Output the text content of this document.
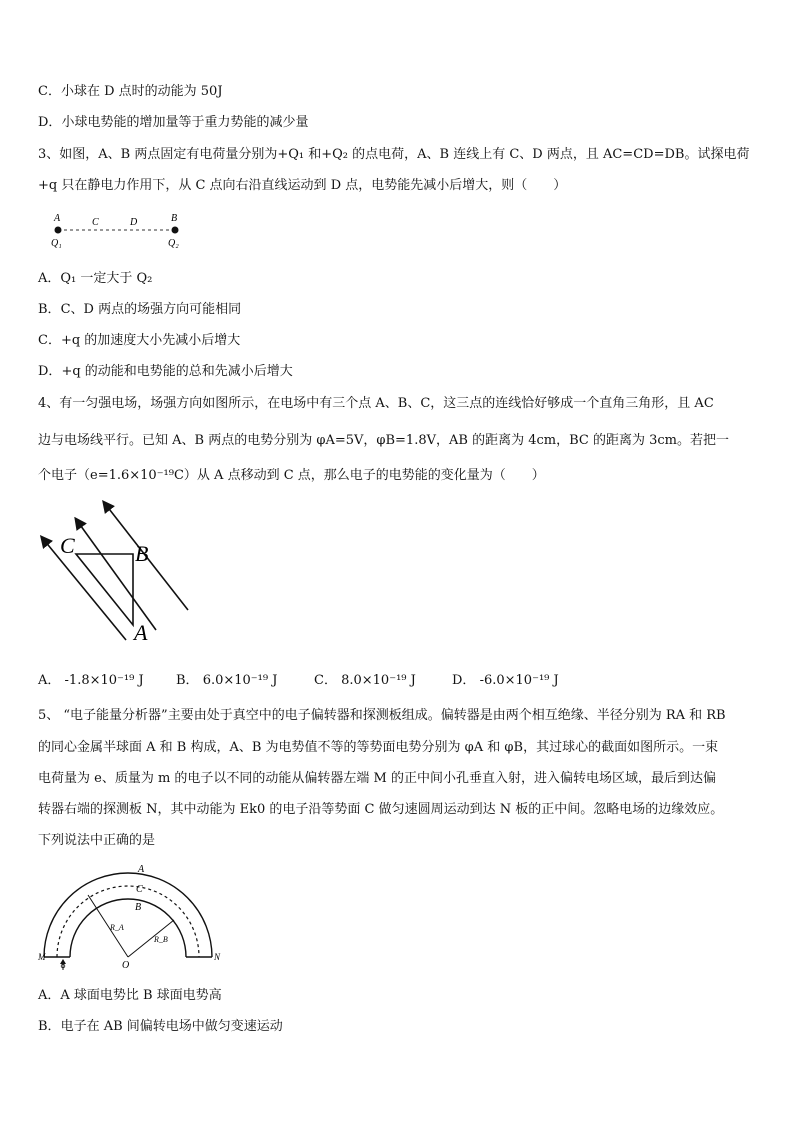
C．小球在 D 点时的动能为 50J
D．小球电势能的增加量等于重力势能的减少量
3、如图，A、B 两点固定有电荷量分别为+Q₁ 和+Q₂ 的点电荷，A、B 连线上有 C、D 两点，且 AC=CD=DB。试探电荷
+q 只在静电力作用下，从 C 点向右沿直线运动到 D 点，电势能先减小后增大，则（　　）
A	C	D	B
Q₁	Q₂
A．Q₁ 一定大于 Q₂
B．C、D 两点的场强方向可能相同
C．+q 的加速度大小先减小后增大
D．+q 的动能和电势能的总和先减小后增大
4、有一匀强电场，场强方向如图所示，在电场中有三个点 A、B、C，这三点的连线恰好够成一个直角三角形，且 AC
边与电场线平行。已知 A、B 两点的电势分别为 φA=5V，φB=1.8V，AB 的距离为 4cm，BC 的距离为 3cm。若把一
个电子（e=1.6×10⁻¹⁹C）从 A 点移动到 C 点，那么电子的电势能的变化量为（　　）
C	B
A
A． -1.8×10⁻¹⁹ J B． 6.0×10⁻¹⁹ J	C． 8.0×10⁻¹⁹ J	D． -6.0×10⁻¹⁹ J
5、 “电子能量分析器”主要由处于真空中的电子偏转器和探测板组成。偏转器是由两个相互绝缘、半径分别为 RA 和 RB
的同心金属半球面 A 和 B 构成，A、B 为电势值不等的等势面电势分别为 φA 和 φB，其过球心的截面如图所示。一束
电荷量为 e、质量为 m 的电子以不同的动能从偏转器左端 M 的正中间小孔垂直入射，进入偏转电场区域，最后到达偏
转器右端的探测板 N，其中动能为 Ek0 的电子沿等势面 C 做匀速圆周运动到达 N 板的正中间。忽略电场的边缘效应。
下列说法中正确的是
A
C
B
R_A
R_B
O
M	N
A．A 球面电势比 B 球面电势高
B．电子在 AB 间偏转电场中做匀变速运动
